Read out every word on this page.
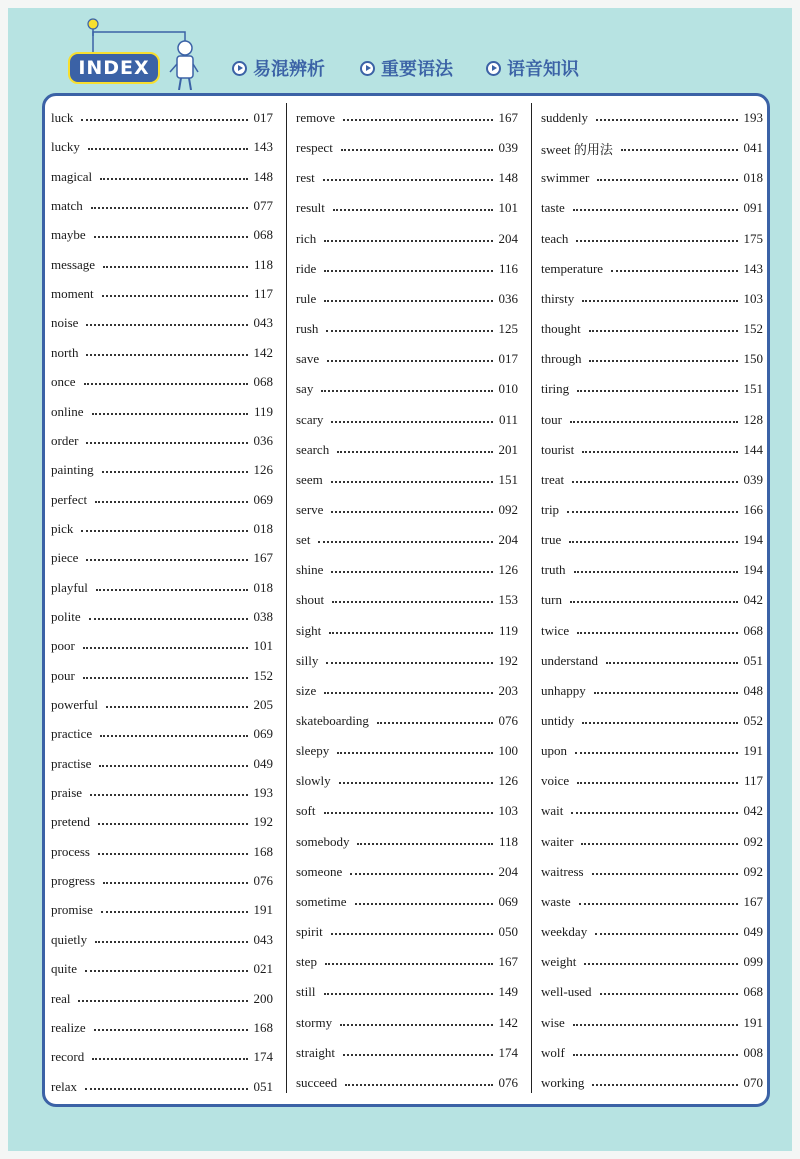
INDEX	易混辨析	重要语法	语音知识
luck	017
lucky	143
magical	148
match	077
maybe	068
message	118
moment	117
noise	043
north	142
once	068
online	119
order	036
painting	126
perfect	069
pick	018
piece	167
playful	018
polite	038
poor	101
pour	152
powerful	205
practice	069
practise	049
praise	193
pretend	192
process	168
progress	076
promise	191
quietly	043
quite	021
real	200
realize	168
record	174
relax	051
remove	167
respect	039
rest	148
result	101
rich	204
ride	116
rule	036
rush	125
save	017
say	010
scary	011
search	201
seem	151
serve	092
set	204
shine	126
shout	153
sight	119
silly	192
size	203
skateboarding	076
sleepy	100
slowly	126
soft	103
somebody	118
someone	204
sometime	069
spirit	050
step	167
still	149
stormy	142
straight	174
succeed	076
suddenly	193
sweet 的用法	041
swimmer	018
taste	091
teach	175
temperature	143
thirsty	103
thought	152
through	150
tiring	151
tour	128
tourist	144
treat	039
trip	166
true	194
truth	194
turn	042
twice	068
understand	051
unhappy	048
untidy	052
upon	191
voice	117
wait	042
waiter	092
waitress	092
waste	167
weekday	049
weight	099
well-used	068
wise	191
wolf	008
working	070
